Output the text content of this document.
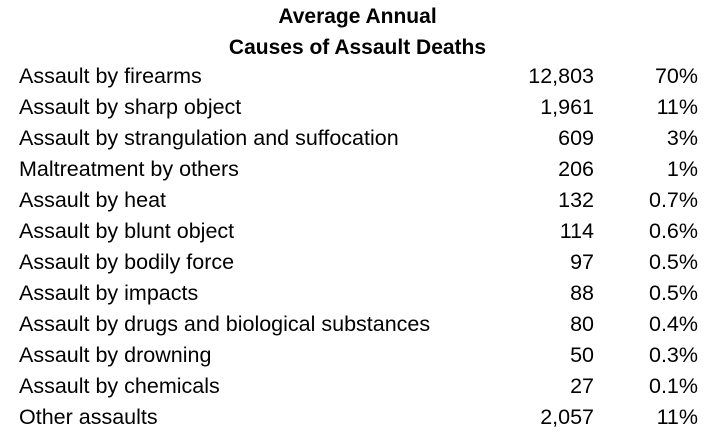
Average Annual
Causes of Assault Deaths
Assault by firearms	12,803	70%
Assault by sharp object	1,961	11%
Assault by strangulation and suffocation	609	3%
Maltreatment by others	206	1%
Assault by heat	132	0.7%
Assault by blunt object	114	0.6%
Assault by bodily force	97	0.5%
Assault by impacts	88	0.5%
Assault by drugs and biological substances	80	0.4%
Assault by drowning	50	0.3%
Assault by chemicals	27	0.1%
Other assaults	2,057	11%
